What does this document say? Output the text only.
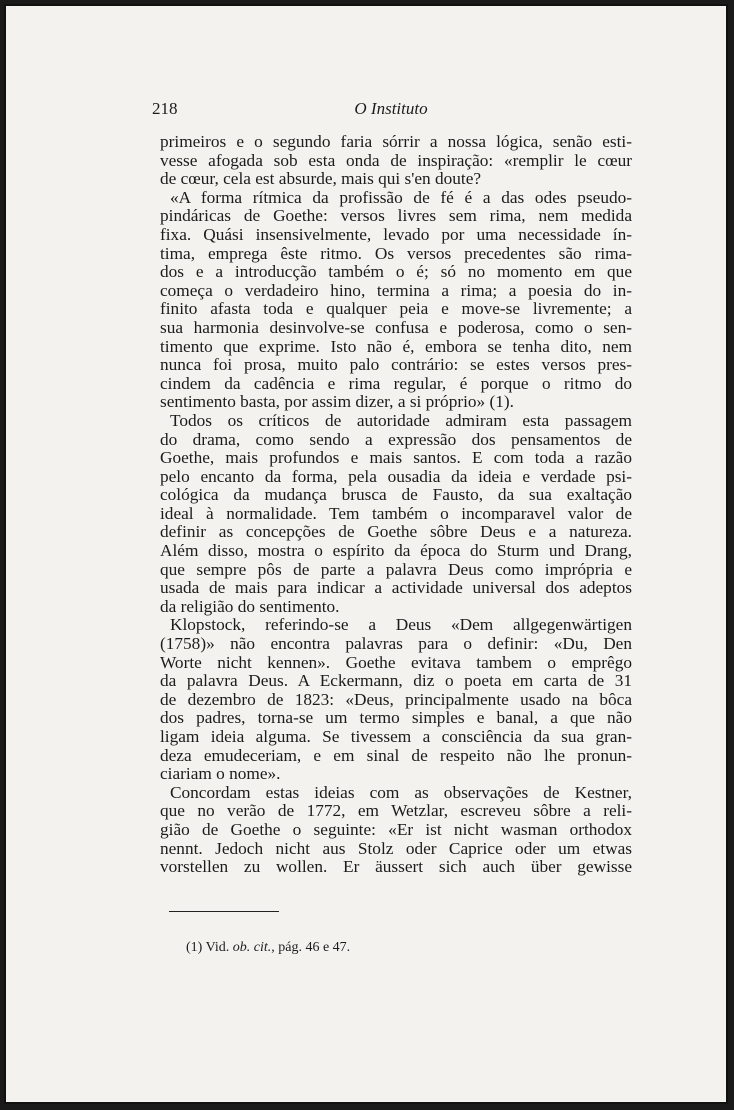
218	O Instituto
primeiros e o segundo faria sórrir a nossa lógica, senão esti-
vesse afogada sob esta onda de inspiração: «remplir le cœur
de cœur, cela est absurde, mais qui s'en doute?
«A forma rítmica da profissão de fé é a das odes pseudo-
pindáricas de Goethe: versos livres sem rima, nem medida
fixa. Quási insensivelmente, levado por uma necessidade ín-
tima, emprega êste ritmo. Os versos precedentes são rima-
dos e a introducção também o é; só no momento em que
começa o verdadeiro hino, termina a rima; a poesia do in-
finito afasta toda e qualquer peia e move-se livremente; a
sua harmonia desinvolve-se confusa e poderosa, como o sen-
timento que exprime. Isto não é, embora se tenha dito, nem
nunca foi prosa, muito palo contrário: se estes versos pres-
cindem da cadência e rima regular, é porque o ritmo do
sentimento basta, por assim dizer, a si próprio» (1).
Todos os críticos de autoridade admiram esta passagem
do drama, como sendo a expressão dos pensamentos de
Goethe, mais profundos e mais santos. E com toda a razão
pelo encanto da forma, pela ousadia da ideia e verdade psi-
cológica da mudança brusca de Fausto, da sua exaltação
ideal à normalidade. Tem também o incomparavel valor de
definir as concepções de Goethe sôbre Deus e a natureza.
Além disso, mostra o espírito da época do Sturm und Drang,
que sempre pôs de parte a palavra Deus como imprópria e
usada de mais para indicar a actividade universal dos adeptos
da religião do sentimento.
Klopstock, referindo-se a Deus «Dem allgegenwärtigen
(1758)» não encontra palavras para o definir: «Du, Den
Worte nicht kennen». Goethe evitava tambem o emprêgo
da palavra Deus. A Eckermann, diz o poeta em carta de 31
de dezembro de 1823: «Deus, principalmente usado na bôca
dos padres, torna-se um termo simples e banal, a que não
ligam ideia alguma. Se tivessem a consciência da sua gran-
deza emudeceriam, e em sinal de respeito não lhe pronun-
ciariam o nome».
Concordam estas ideias com as observações de Kestner,
que no verão de 1772, em Wetzlar, escreveu sôbre a reli-
gião de Goethe o seguinte: «Er ist nicht wasman orthodox
nennt. Jedoch nicht aus Stolz oder Caprice oder um etwas
vorstellen zu wollen. Er äussert sich auch über gewisse
(1) Vid. ob. cit., pág. 46 e 47.
